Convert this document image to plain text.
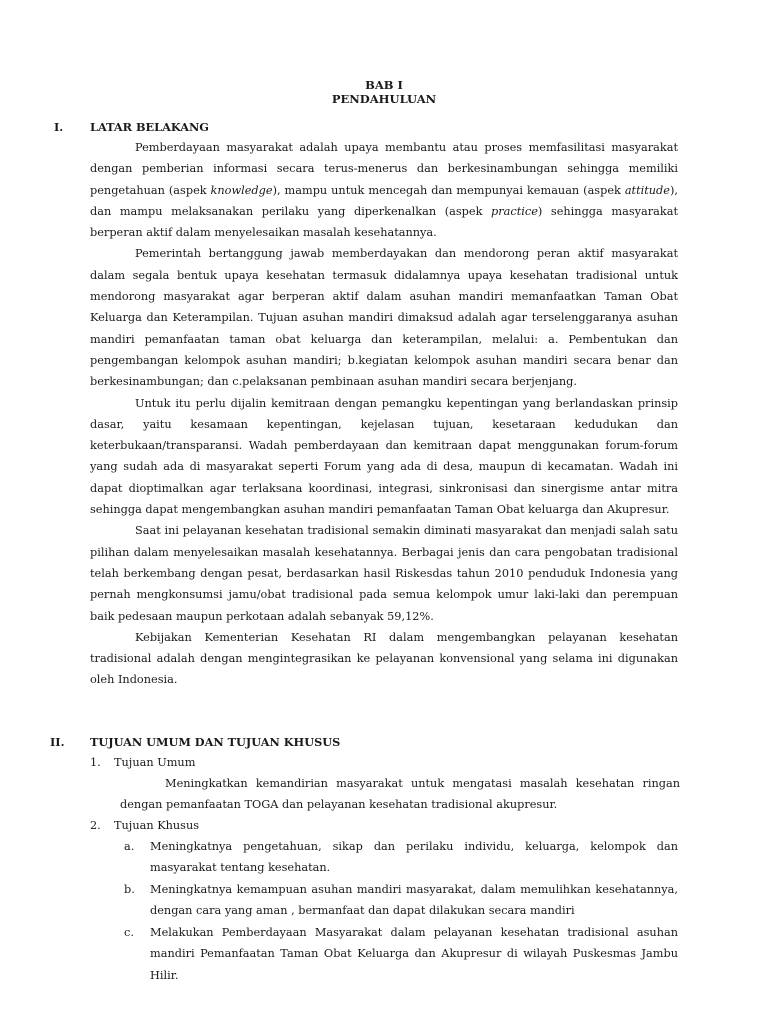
BAB I
PENDAHULUAN
I. LATAR BELAKANG

Pemberdayaan masyarakat adalah upaya membantu atau proses memfasilitasi masyarakat dengan pemberian informasi secara terus-menerus dan berkesinambungan sehingga memiliki pengetahuan (aspek knowledge), mampu untuk mencegah dan mempunyai kemauan (aspek attitude), dan mampu melaksanakan perilaku yang diperkenalkan (aspek practice) sehingga masyarakat berperan aktif dalam menyelesaikan masalah kesehatannya.

Pemerintah bertanggung jawab memberdayakan dan mendorong peran aktif masyarakat dalam segala bentuk upaya kesehatan termasuk didalamnya upaya kesehatan tradisional untuk mendorong masyarakat agar berperan aktif dalam asuhan mandiri memanfaatkan Taman Obat Keluarga dan Keterampilan. Tujuan asuhan mandiri dimaksud adalah agar terselenggaranya asuhan mandiri pemanfaatan taman obat keluarga dan keterampilan, melalui: a. Pembentukan dan pengembangan kelompok asuhan mandiri; b.kegiatan kelompok asuhan mandiri secara benar dan berkesinambungan; dan c.pelaksanan pembinaan asuhan mandiri secara berjenjang.

Untuk itu perlu dijalin kemitraan dengan pemangku kepentingan yang berlandaskan prinsip dasar, yaitu kesamaan kepentingan, kejelasan tujuan, kesetaraan kedudukan dan keterbukaan/transparansi. Wadah pemberdayaan dan kemitraan dapat menggunakan forum-forum yang sudah ada di masyarakat seperti Forum yang ada di desa, maupun di kecamatan. Wadah ini dapat dioptimalkan agar terlaksana koordinasi, integrasi, sinkronisasi dan sinergisme antar mitra sehingga dapat mengembangkan asuhan mandiri pemanfaatan Taman Obat keluarga dan Akupresur.

Saat ini pelayanan kesehatan tradisional semakin diminati masyarakat dan menjadi salah satu pilihan dalam menyelesaikan masalah kesehatannya. Berbagai jenis dan cara pengobatan tradisional telah berkembang dengan pesat, berdasarkan hasil Riskesdas tahun 2010 penduduk Indonesia yang pernah mengkonsumsi jamu/obat tradisional pada semua kelompok umur laki-laki dan perempuan baik pedesaan maupun perkotaan adalah sebanyak 59,12%.

Kebijakan Kementerian Kesehatan RI dalam mengembangkan pelayanan kesehatan tradisional adalah dengan mengintegrasikan ke pelayanan konvensional yang selama ini digunakan oleh Indonesia.

II. TUJUAN UMUM DAN TUJUAN KHUSUS
1. Tujuan Umum
Meningkatkan kemandirian masyarakat untuk mengatasi masalah kesehatan ringan dengan pemanfaatan TOGA dan pelayanan kesehatan tradisional akupresur.
2. Tujuan Khusus
a. Meningkatnya pengetahuan, sikap dan perilaku individu, keluarga, kelompok dan masyarakat tentang kesehatan.
b. Meningkatnya kemampuan asuhan mandiri masyarakat, dalam memulihkan kesehatannya, dengan cara yang aman , bermanfaat dan dapat dilakukan secara mandiri
c. Melakukan Pemberdayaan Masyarakat dalam pelayanan kesehatan tradisional asuhan mandiri Pemanfaatan Taman Obat Keluarga dan Akupresur di wilayah Puskesmas Jambu Hilir.
